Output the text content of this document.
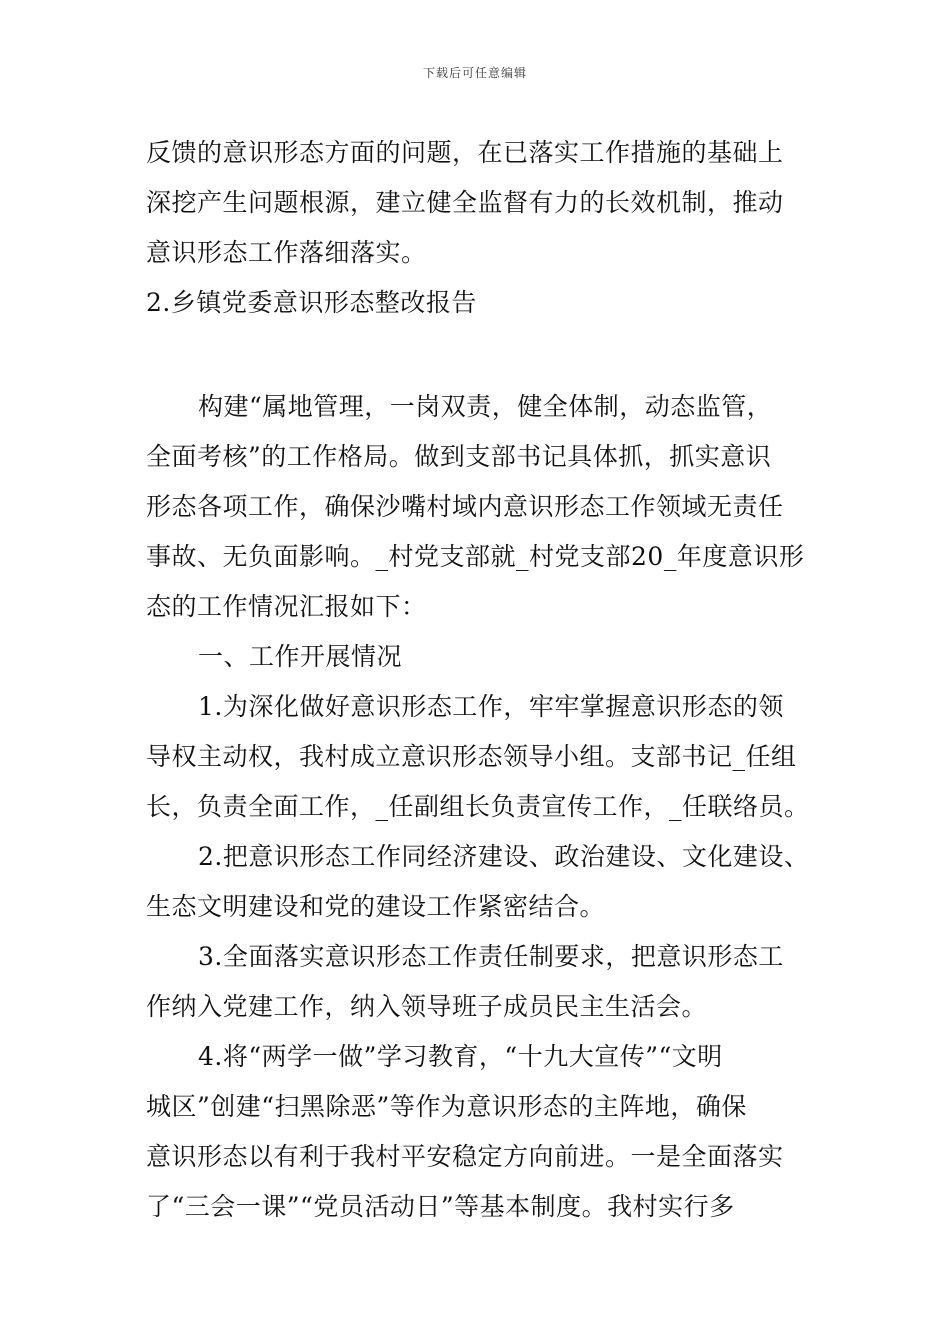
下载后可任意编辑
反馈的意识形态方面的问题，在已落实工作措施的基础上
深挖产生问题根源，建立健全监督有力的长效机制，推动
意识形态工作落细落实。
2.乡镇党委意识形态整改报告
构建“属地管理，一岗双责，健全体制，动态监管，
全面考核”的工作格局。做到支部书记具体抓，抓实意识
形态各项工作，确保沙嘴村域内意识形态工作领域无责任
事故、无负面影响。_村党支部就_村党支部20_年度意识形
态的工作情况汇报如下：
一、工作开展情况
1.为深化做好意识形态工作，牢牢掌握意识形态的领
导权主动权，我村成立意识形态领导小组。支部书记_任组
长，负责全面工作，_任副组长负责宣传工作，_任联络员。
2.把意识形态工作同经济建设、政治建设、文化建设、
生态文明建设和党的建设工作紧密结合。
3.全面落实意识形态工作责任制要求，把意识形态工
作纳入党建工作，纳入领导班子成员民主生活会。
4.将“两学一做”学习教育，“十九大宣传”“文明
城区”创建“扫黑除恶”等作为意识形态的主阵地，确保
意识形态以有利于我村平安稳定方向前进。一是全面落实
了“三会一课”“党员活动日”等基本制度。我村实行多
